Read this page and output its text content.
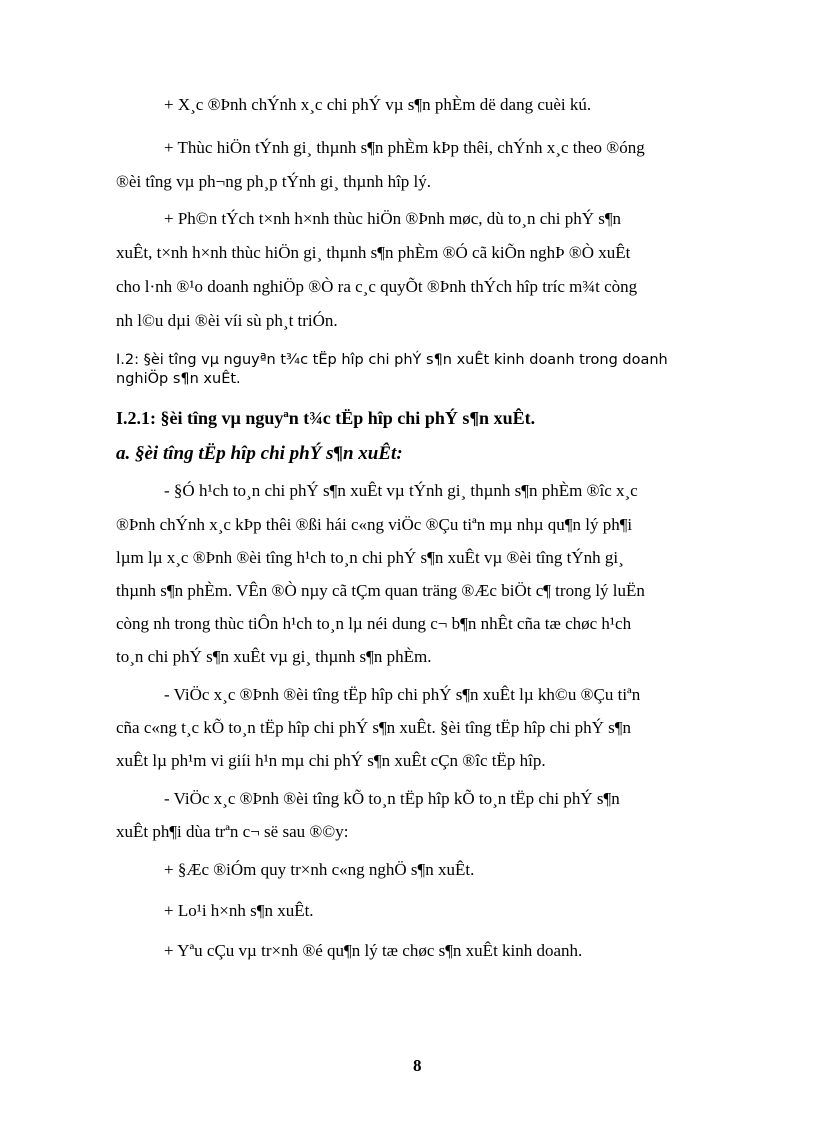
+ X¸c ®Þnh chÝnh x¸c chi phÝ vµ s¶n phÈm dë dang cuèi kú.
+ Thùc hiÖn tÝnh gi¸ thµnh s¶n phÈm kÞp thêi, chÝnh x¸c theo ®óng
®èi tîng vµ ph¬ng ph¸p tÝnh gi¸ thµnh hîp lý.
+ Ph©n tÝch t×nh h×nh thùc hiÖn ®Þnh møc, dù to¸n chi phÝ s¶n
xuÊt, t×nh h×nh thùc hiÖn gi¸ thµnh s¶n phÈm ®Ó cã kiÕn nghÞ ®Ò xuÊt
cho l·nh ®¹o doanh nghiÖp ®Ò ra c¸c quyÕt ®Þnh thÝch hîp tríc m¾t còng
nh l©u dµi ®èi víi sù ph¸t triÓn.
I.2: §èi tîng vµ nguyªn t¾c tËp hîp chi phÝ s¶n xuÊt kinh doanh trong doanh
nghiÖp s¶n xuÊt.
I.2.1: §èi tîng vµ nguyªn t¾c tËp hîp chi phÝ s¶n xuÊt.
a. §èi tîng tËp hîp chi phÝ s¶n xuÊt:
- §Ó h¹ch to¸n chi phÝ s¶n xuÊt vµ tÝnh gi¸ thµnh s¶n phÈm ®îc x¸c
®Þnh chÝnh x¸c kÞp thêi ®ßi hái c«ng viÖc ®Çu tiªn mµ nhµ qu¶n lý ph¶i
lµm lµ x¸c ®Þnh ®èi tîng h¹ch to¸n chi phÝ s¶n xuÊt vµ ®èi tîng tÝnh gi¸
thµnh s¶n phÈm. VÊn ®Ò nµy cã tÇm quan träng ®Æc biÖt c¶ trong lý luËn
còng nh trong thùc tiÔn h¹ch to¸n lµ néi dung c¬ b¶n nhÊt cña tæ chøc h¹ch
to¸n chi phÝ s¶n xuÊt vµ gi¸ thµnh s¶n phÈm.
- ViÖc x¸c ®Þnh ®èi tîng tËp hîp chi phÝ s¶n xuÊt lµ kh©u ®Çu tiªn
cña c«ng t¸c kÕ to¸n tËp hîp chi phÝ s¶n xuÊt. §èi tîng tËp hîp chi phÝ s¶n
xuÊt lµ ph¹m vi giíi h¹n mµ chi phÝ s¶n xuÊt cÇn ®îc tËp hîp.
- ViÖc x¸c ®Þnh ®èi tîng kÕ to¸n tËp hîp kÕ to¸n tËp chi phÝ s¶n
xuÊt ph¶i dùa trªn c¬ së sau ®©y:
+ §Æc ®iÓm quy tr×nh c«ng nghÖ s¶n xuÊt.
+ Lo¹i h×nh s¶n xuÊt.
+ Yªu cÇu vµ tr×nh ®é qu¶n lý tæ chøc s¶n xuÊt kinh doanh.
8
